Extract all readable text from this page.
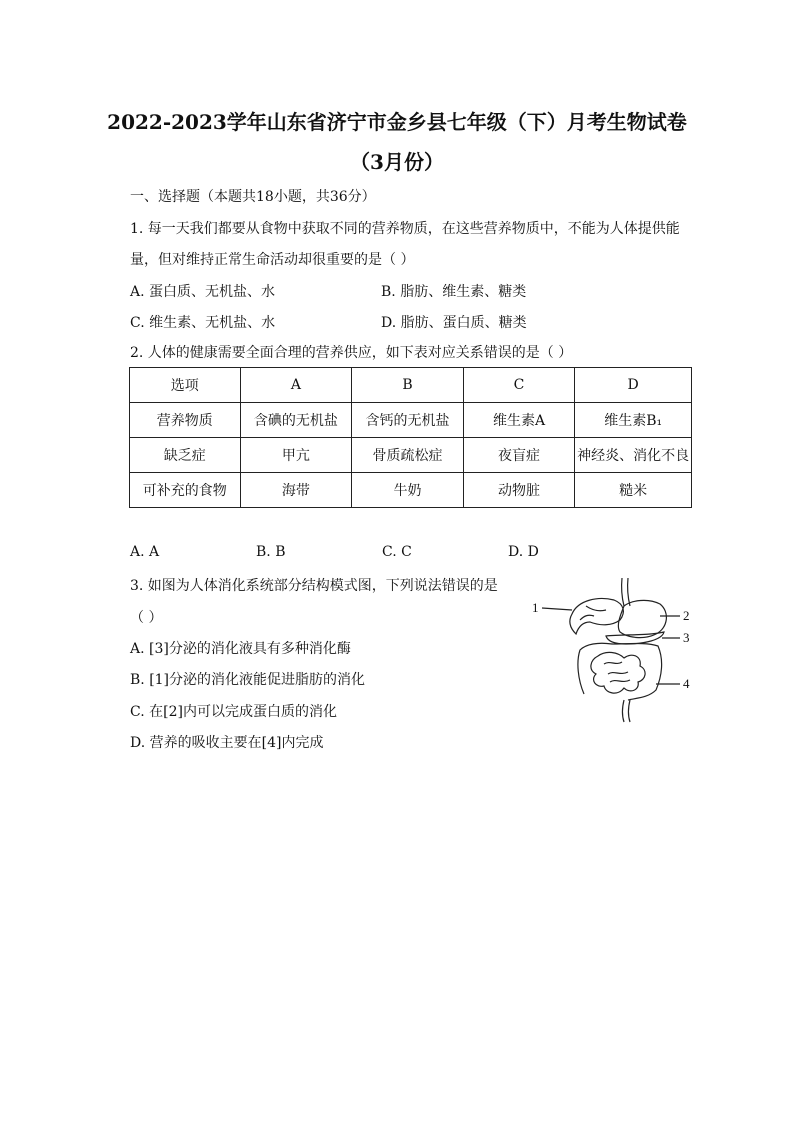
2022-2023学年山东省济宁市金乡县七年级（下）月考生物试卷
（3月份）
一、选择题（本题共18小题，共36分）
1. 每一天我们都要从食物中获取不同的营养物质，在这些营养物质中，不能为人体提供能
量，但对维持正常生命活动却很重要的是（ ）
A. 蛋白质、无机盐、水	B. 脂肪、维生素、糖类
C. 维生素、无机盐、水	D. 脂肪、蛋白质、糖类
2. 人体的健康需要全面合理的营养供应，如下表对应关系错误的是（ ）
选项	A	B	C	D
营养物质	含碘的无机盐	含钙的无机盐	维生素A	维生素B₁
缺乏症	甲亢	骨质疏松症	夜盲症	神经炎、消化不良
可补充的食物	海带	牛奶	动物脏	糙米
A. A	B. B	C. C	D. D
3. 如图为人体消化系统部分结构模式图，下列说法错误的是
（ ）
A. [3]分泌的消化液具有多种消化酶
B. [1]分泌的消化液能促进脂肪的消化
C. 在[2]内可以完成蛋白质的消化
D. 营养的吸收主要在[4]内完成
1
2
3
4
